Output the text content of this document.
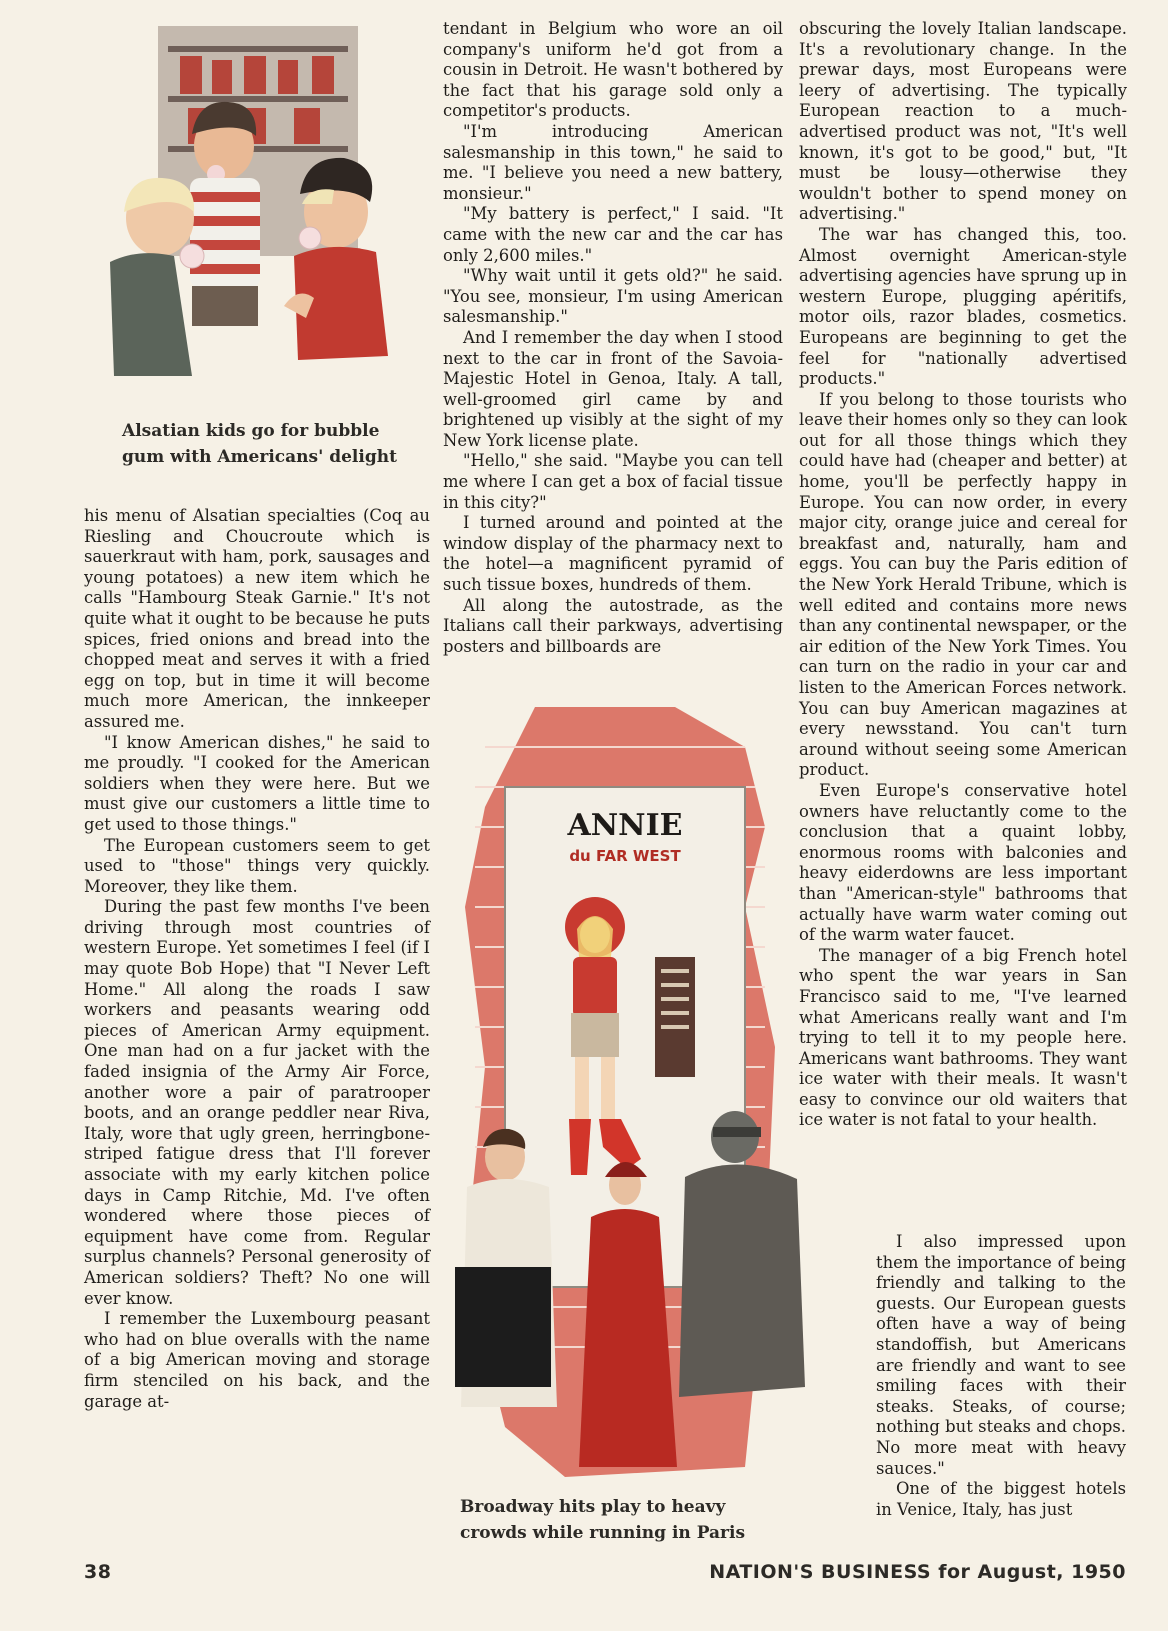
Alsatian kids go for bubble
gum with Americans' delight

his menu of Alsatian specialties (Coq au Riesling and Choucroute which is sauerkraut with ham, pork, sausages and young potatoes) a new item which he calls "Hambourg Steak Garnie." It's not quite what it ought to be because he puts spices, fried onions and bread into the chopped meat and serves it with a fried egg on top, but in time it will become much more American, the innkeeper assured me.

"I know American dishes," he said to me proudly. "I cooked for the American soldiers when they were here. But we must give our customers a little time to get used to those things."

The European customers seem to get used to "those" things very quickly. Moreover, they like them.

During the past few months I've been driving through most countries of western Europe. Yet sometimes I feel (if I may quote Bob Hope) that "I Never Left Home." All along the roads I saw workers and peasants wearing odd pieces of American Army equipment. One man had on a fur jacket with the faded insignia of the Army Air Force, another wore a pair of paratrooper boots, and an orange peddler near Riva, Italy, wore that ugly green, herringbone-striped fatigue dress that I'll forever associate with my early kitchen police days in Camp Ritchie, Md. I've often wondered where those pieces of equipment have come from. Regular surplus channels? Personal generosity of American soldiers? Theft? No one will ever know.

I remember the Luxembourg peasant who had on blue overalls with the name of a big American moving and storage firm stenciled on his back, and the garage at-

tendant in Belgium who wore an oil company's uniform he'd got from a cousin in Detroit. He wasn't bothered by the fact that his garage sold only a competitor's products.

"I'm introducing American salesmanship in this town," he said to me. "I believe you need a new battery, monsieur."

"My battery is perfect," I said. "It came with the new car and the car has only 2,600 miles."

"Why wait until it gets old?" he said. "You see, monsieur, I'm using American salesmanship."

And I remember the day when I stood next to the car in front of the Savoia-Majestic Hotel in Genoa, Italy. A tall, well-groomed girl came by and brightened up visibly at the sight of my New York license plate.

"Hello," she said. "Maybe you can tell me where I can get a box of facial tissue in this city?"

I turned around and pointed at the window display of the pharmacy next to the hotel—a magnificent pyramid of such tissue boxes, hundreds of them.

All along the autostrade, as the Italians call their parkways, advertising posters and billboards are

ANNIE
du FAR WEST
Broadway hits play to heavy
crowds while running in Paris

obscuring the lovely Italian landscape. It's a revolutionary change. In the prewar days, most Europeans were leery of advertising. The typically European reaction to a much-advertised product was not, "It's well known, it's got to be good," but, "It must be lousy—otherwise they wouldn't bother to spend money on advertising."

The war has changed this, too. Almost overnight American-style advertising agencies have sprung up in western Europe, plugging apéritifs, motor oils, razor blades, cosmetics. Europeans are beginning to get the feel for "nationally advertised products."

If you belong to those tourists who leave their homes only so they can look out for all those things which they could have had (cheaper and better) at home, you'll be perfectly happy in Europe. You can now order, in every major city, orange juice and cereal for breakfast and, naturally, ham and eggs. You can buy the Paris edition of the New York Herald Tribune, which is well edited and contains more news than any continental newspaper, or the air edition of the New York Times. You can turn on the radio in your car and listen to the American Forces network. You can buy American magazines at every newsstand. You can't turn around without seeing some American product.

Even Europe's conservative hotel owners have reluctantly come to the conclusion that a quaint lobby, enormous rooms with balconies and heavy eiderdowns are less important than "American-style" bathrooms that actually have warm water coming out of the warm water faucet.

The manager of a big French hotel who spent the war years in San Francisco said to me, "I've learned what Americans really want and I'm trying to tell it to my people here. Americans want bathrooms. They want ice water with their meals. It wasn't easy to convince our old waiters that ice water is not fatal to your health.

I also impressed upon them the importance of being friendly and talking to the guests. Our European guests often have a way of being standoffish, but Americans are friendly and want to see smiling faces with their steaks. Steaks, of course; nothing but steaks and chops. No more meat with heavy sauces."

One of the biggest hotels in Venice, Italy, has just

38	NATION'S BUSINESS for August, 1950
